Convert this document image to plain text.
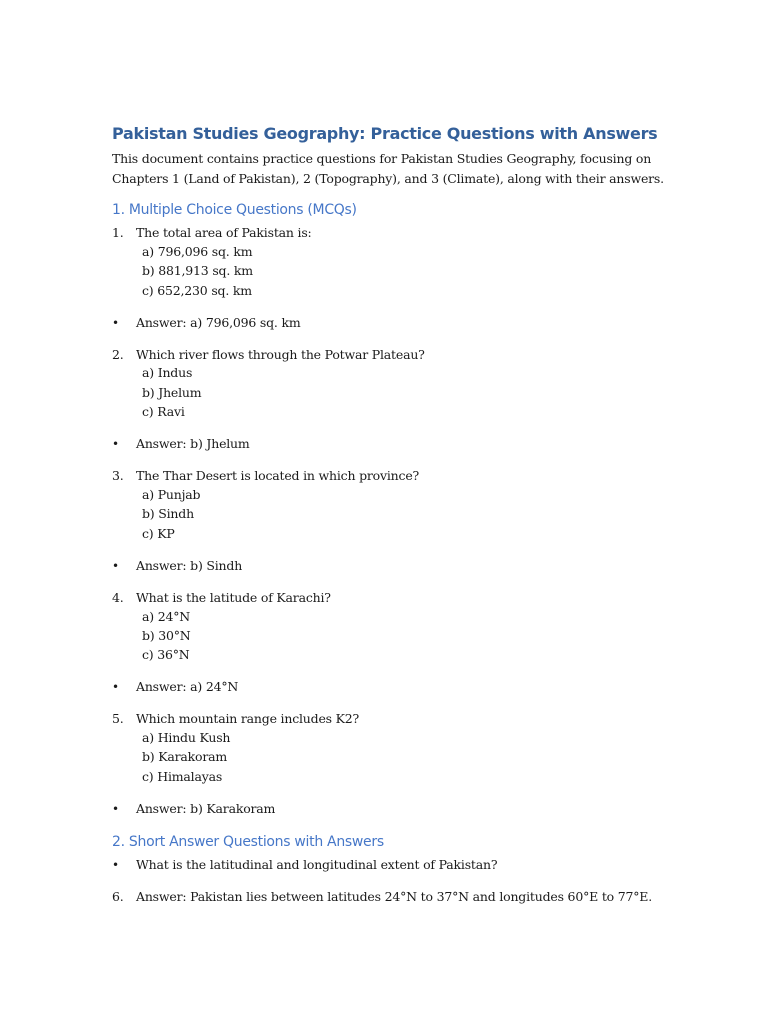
Pakistan Studies Geography: Practice Questions with Answers
This document contains practice questions for Pakistan Studies Geography, focusing on
Chapters 1 (Land of Pakistan), 2 (Topography), and 3 (Climate), along with their answers.
1. Multiple Choice Questions (MCQs)
1. The total area of Pakistan is:
a) 796,096 sq. km
b) 881,913 sq. km
c) 652,230 sq. km
• Answer: a) 796,096 sq. km
2. Which river flows through the Potwar Plateau?
a) Indus
b) Jhelum
c) Ravi
• Answer: b) Jhelum
3. The Thar Desert is located in which province?
a) Punjab
b) Sindh
c) KP
• Answer: b) Sindh
4. What is the latitude of Karachi?
a) 24°N
b) 30°N
c) 36°N
• Answer: a) 24°N
5. Which mountain range includes K2?
a) Hindu Kush
b) Karakoram
c) Himalayas
• Answer: b) Karakoram
2. Short Answer Questions with Answers
• What is the latitudinal and longitudinal extent of Pakistan?
6. Answer: Pakistan lies between latitudes 24°N to 37°N and longitudes 60°E to 77°E.
